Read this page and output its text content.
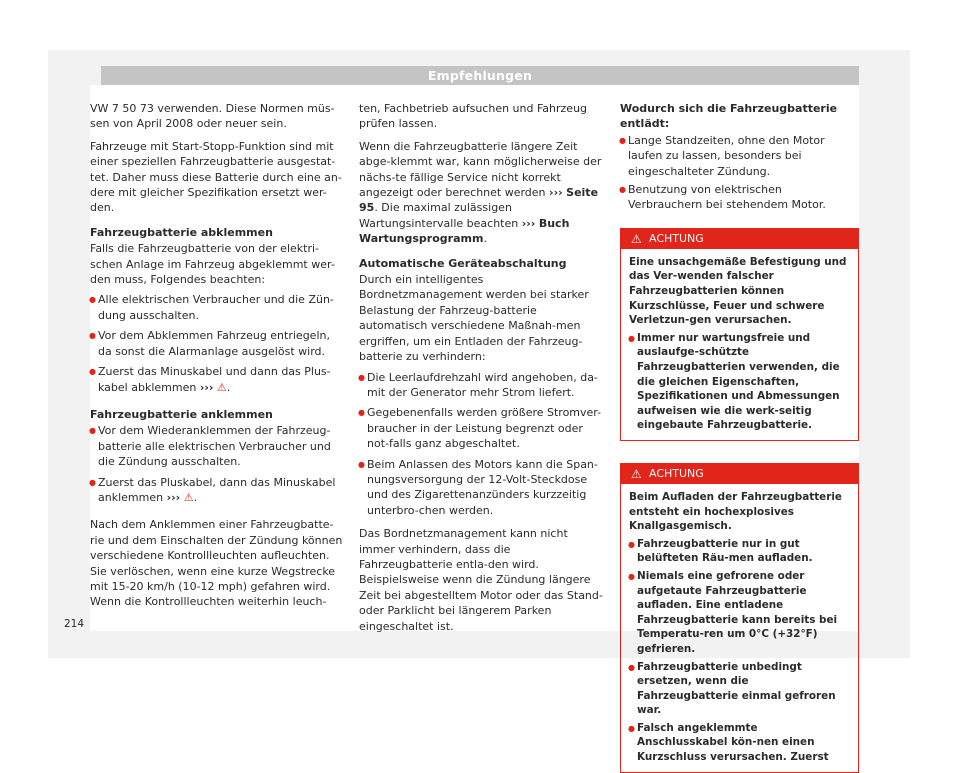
Empfehlungen

VW 7 50 73 verwenden. Diese Normen müs-sen von April 2008 oder neuer sein.

Fahrzeuge mit Start-Stopp-Funktion sind mit einer speziellen Fahrzeugbatterie ausgestat-tet. Daher muss diese Batterie durch eine an-dere mit gleicher Spezifikation ersetzt wer-den.

Fahrzeugbatterie abklemmen

Falls die Fahrzeugbatterie von der elektri-schen Anlage im Fahrzeug abgeklemmt wer-den muss, Folgendes beachten:

● Alle elektrischen Verbraucher und die Zün-dung ausschalten.
● Vor dem Abklemmen Fahrzeug entriegeln, da sonst die Alarmanlage ausgelöst wird.
● Zuerst das Minuskabel und dann das Plus-kabel abklemmen ››› ⚠.
Fahrzeugbatterie anklemmen
● Vor dem Wiederanklemmen der Fahrzeug-batterie alle elektrischen Verbraucher und die Zündung ausschalten.
● Zuerst das Pluskabel, dann das Minuskabel anklemmen ››› ⚠.

Nach dem Anklemmen einer Fahrzeugbatte-rie und dem Einschalten der Zündung können verschiedene Kontrollleuchten aufleuchten. Sie verlöschen, wenn eine kurze Wegstrecke mit 15-20 km/h (10-12 mph) gefahren wird. Wenn die Kontrollleuchten weiterhin leuch-

ten, Fachbetrieb aufsuchen und Fahrzeug prüfen lassen.

Wenn die Fahrzeugbatterie längere Zeit abge-klemmt war, kann möglicherweise der nächs-te fällige Service nicht korrekt angezeigt oder berechnet werden ››› Seite 95. Die maximal zulässigen Wartungsintervalle beachten ››› Buch Wartungsprogramm.

Automatische Geräteabschaltung

Durch ein intelligentes Bordnetzmanagement werden bei starker Belastung der Fahrzeug-batterie automatisch verschiedene Maßnah-men ergriffen, um ein Entladen der Fahrzeug-batterie zu verhindern:

● Die Leerlaufdrehzahl wird angehoben, da-mit der Generator mehr Strom liefert.
● Gegebenenfalls werden größere Stromver-braucher in der Leistung begrenzt oder not-falls ganz abgeschaltet.
● Beim Anlassen des Motors kann die Span-nungsversorgung der 12-Volt-Steckdose und des Zigarettenanzünders kurzzeitig unterbro-chen werden.

Das Bordnetzmanagement kann nicht immer verhindern, dass die Fahrzeugbatterie entla-den wird. Beispielsweise wenn die Zündung längere Zeit bei abgestelltem Motor oder das Stand- oder Parklicht bei längerem Parken eingeschaltet ist.

Wodurch sich die Fahrzeugbatterie entlädt:
● Lange Standzeiten, ohne den Motor laufen zu lassen, besonders bei eingeschalteter Zündung.
● Benutzung von elektrischen Verbrauchern bei stehendem Motor.
⚠ ACHTUNG

Eine unsachgemäße Befestigung und das Ver-wenden falscher Fahrzeugbatterien können Kurzschlüsse, Feuer und schwere Verletzun-gen verursachen.

● Immer nur wartungsfreie und auslaufge-schützte Fahrzeugbatterien verwenden, die die gleichen Eigenschaften, Spezifikationen und Abmessungen aufweisen wie die werk-seitig eingebaute Fahrzeugbatterie.
⚠ ACHTUNG

Beim Aufladen der Fahrzeugbatterie entsteht ein hochexplosives Knallgasgemisch.

● Fahrzeugbatterie nur in gut belüfteten Räu-men aufladen.
● Niemals eine gefrorene oder aufgetaute Fahrzeugbatterie aufladen. Eine entladene Fahrzeugbatterie kann bereits bei Temperatu-ren um 0°C (+32°F) gefrieren.
● Fahrzeugbatterie unbedingt ersetzen, wenn die Fahrzeugbatterie einmal gefroren war.
● Falsch angeklemmte Anschlusskabel kön-nen einen Kurzschluss verursachen. Zuerst
214
